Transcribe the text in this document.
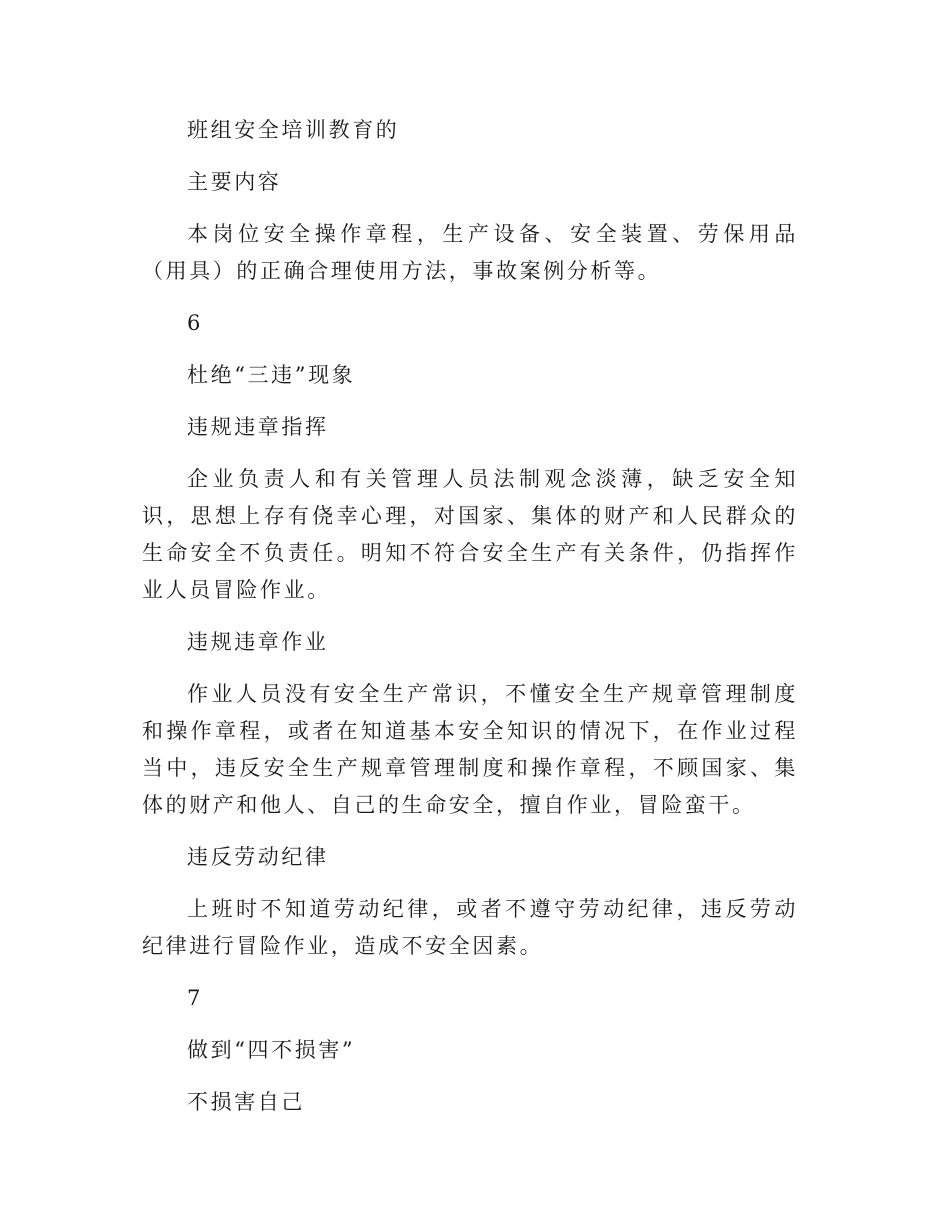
班组安全培训教育的

主要内容

本岗位安全操作章程，生产设备、安全装置、劳保用品（用具）的正确合理使用方法，事故案例分析等。

6

杜绝“三违”现象

违规违章指挥

企业负责人和有关管理人员法制观念淡薄，缺乏安全知识，思想上存有侥幸心理，对国家、集体的财产和人民群众的生命安全不负责任。明知不符合安全生产有关条件，仍指挥作业人员冒险作业。

违规违章作业

作业人员没有安全生产常识，不懂安全生产规章管理制度和操作章程，或者在知道基本安全知识的情况下，在作业过程当中，违反安全生产规章管理制度和操作章程，不顾国家、集体的财产和他人、自己的生命安全，擅自作业，冒险蛮干。

违反劳动纪律

上班时不知道劳动纪律，或者不遵守劳动纪律，违反劳动纪律进行冒险作业，造成不安全因素。

7

做到“四不损害”

不损害自己
